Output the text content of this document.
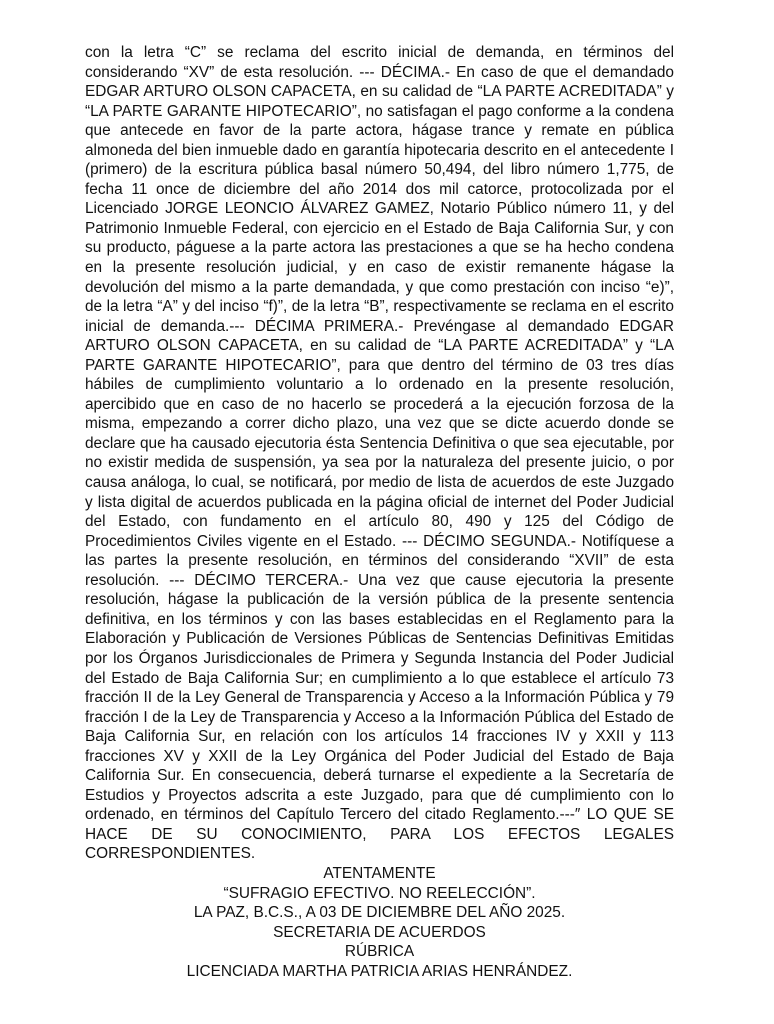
con la letra “C” se reclama del escrito inicial de demanda, en términos del considerando “XV” de esta resolución. --- DÉCIMA.- En caso de que el demandado EDGAR ARTURO OLSON CAPACETA, en su calidad de “LA PARTE ACREDITADA” y “LA PARTE GARANTE HIPOTECARIO”, no satisfagan el pago conforme a la condena que antecede en favor de la parte actora, hágase trance y remate en pública almoneda del bien inmueble dado en garantía hipotecaria descrito en el antecedente I (primero) de la escritura pública basal número 50,494, del libro número 1,775, de fecha 11 once de diciembre del año 2014 dos mil catorce, protocolizada por el Licenciado JORGE LEONCIO ÁLVAREZ GAMEZ, Notario Público número 11, y del Patrimonio Inmueble Federal, con ejercicio en el Estado de Baja California Sur, y con su producto, páguese a la parte actora las prestaciones a que se ha hecho condena en la presente resolución judicial, y en caso de existir remanente hágase la devolución del mismo a la parte demandada, y que como prestación con inciso “e)”, de la letra “A” y del inciso “f)”, de la letra “B”, respectivamente se reclama en el escrito inicial de demanda.--- DÉCIMA PRIMERA.- Prevéngase al demandado EDGAR ARTURO OLSON CAPACETA, en su calidad de “LA PARTE ACREDITADA” y “LA PARTE GARANTE HIPOTECARIO”, para que dentro del término de 03 tres días hábiles de cumplimiento voluntario a lo ordenado en la presente resolución, apercibido que en caso de no hacerlo se procederá a la ejecución forzosa de la misma, empezando a correr dicho plazo, una vez que se dicte acuerdo donde se declare que ha causado ejecutoria ésta Sentencia Definitiva o que sea ejecutable, por no existir medida de suspensión, ya sea por la naturaleza del presente juicio, o por causa análoga, lo cual, se notificará, por medio de lista de acuerdos de este Juzgado y lista digital de acuerdos publicada en la página oficial de internet del Poder Judicial del Estado, con fundamento en el artículo 80, 490 y 125 del Código de Procedimientos Civiles vigente en el Estado. --- DÉCIMO SEGUNDA.- Notifíquese a las partes la presente resolución, en términos del considerando “XVII” de esta resolución. --- DÉCIMO TERCERA.- Una vez que cause ejecutoria la presente resolución, hágase la publicación de la versión pública de la presente sentencia definitiva, en los términos y con las bases establecidas en el Reglamento para la Elaboración y Publicación de Versiones Públicas de Sentencias Definitivas Emitidas por los Órganos Jurisdiccionales de Primera y Segunda Instancia del Poder Judicial del Estado de Baja California Sur; en cumplimiento a lo que establece el artículo 73 fracción II de la Ley General de Transparencia y Acceso a la Información Pública y 79 fracción I de la Ley de Transparencia y Acceso a la Información Pública del Estado de Baja California Sur, en relación con los artículos 14 fracciones IV y XXII y 113 fracciones XV y XXII de la Ley Orgánica del Poder Judicial del Estado de Baja California Sur. En consecuencia, deberá turnarse el expediente a la Secretaría de Estudios y Proyectos adscrita a este Juzgado, para que dé cumplimiento con lo ordenado, en términos del Capítulo Tercero del citado Reglamento.---″ LO QUE SE HACE DE SU CONOCIMIENTO, PARA LOS EFECTOS LEGALES CORRESPONDIENTES.

ATENTAMENTE
“SUFRAGIO EFECTIVO. NO REELECCIÓN”.
LA PAZ, B.C.S., A 03 DE DICIEMBRE DEL AÑO 2025.
SECRETARIA DE ACUERDOS
RÚBRICA
LICENCIADA MARTHA PATRICIA ARIAS HENRÁNDEZ.
